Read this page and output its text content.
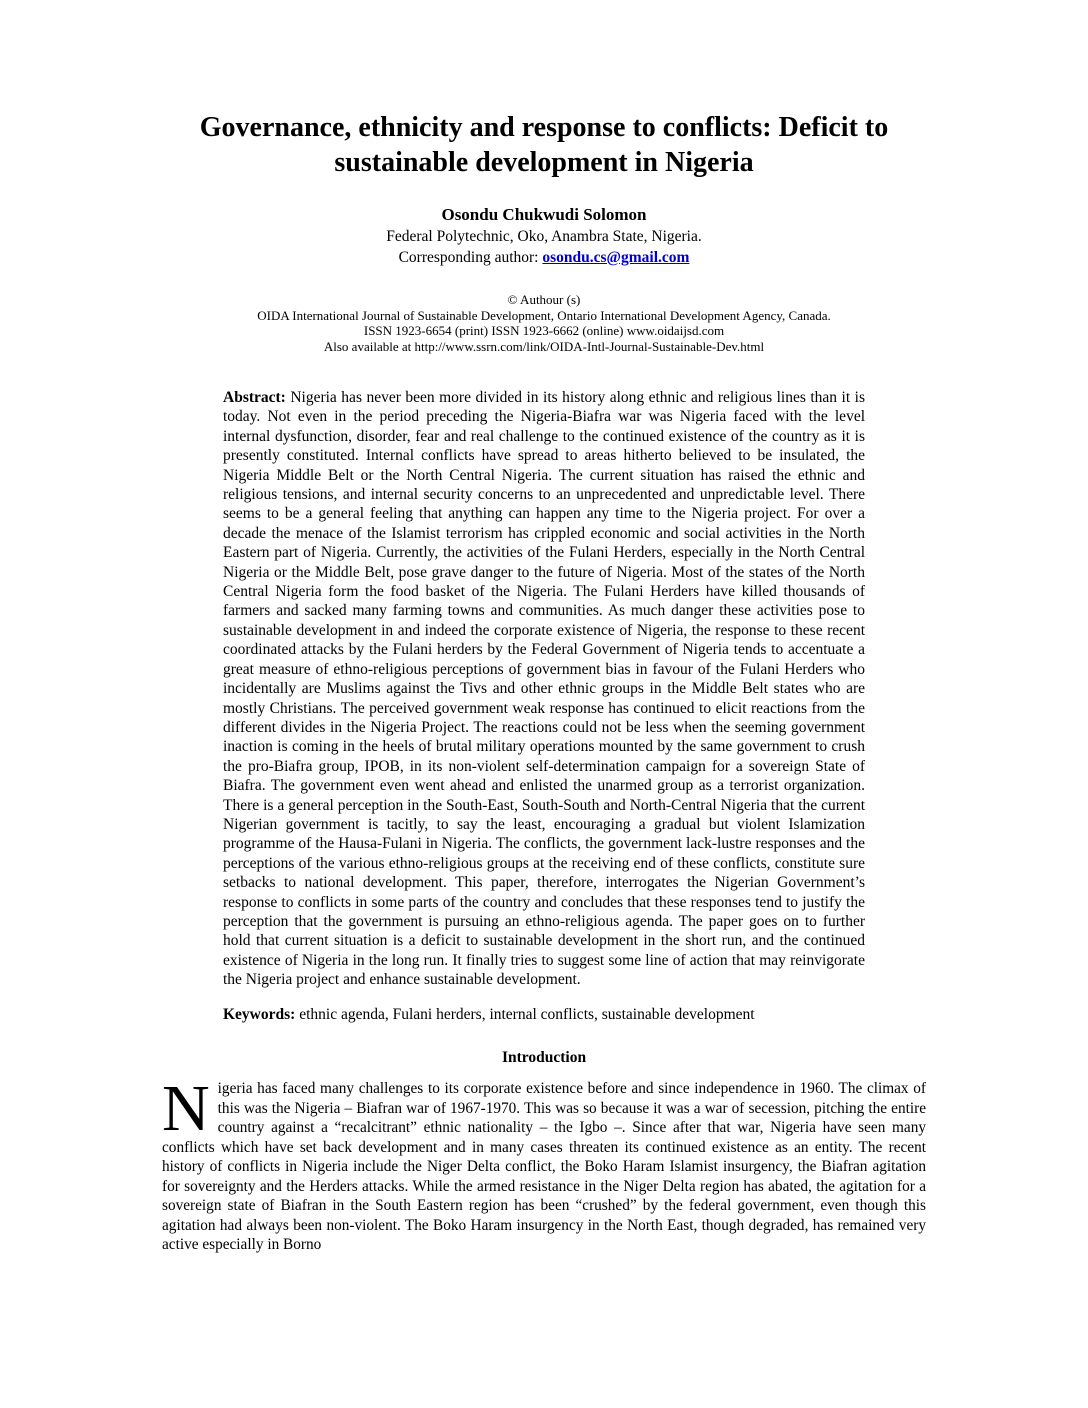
Governance, ethnicity and response to conflicts: Deficit to sustainable development in Nigeria
Osondu Chukwudi Solomon
Federal Polytechnic, Oko, Anambra State, Nigeria.
Corresponding author: osondu.cs@gmail.com
© Authour (s)
OIDA International Journal of Sustainable Development, Ontario International Development Agency, Canada.
ISSN 1923-6654 (print) ISSN 1923-6662 (online) www.oidaijsd.com
Also available at http://www.ssrn.com/link/OIDA-Intl-Journal-Sustainable-Dev.html

Abstract: Nigeria has never been more divided in its history along ethnic and religious lines than it is today. Not even in the period preceding the Nigeria-Biafra war was Nigeria faced with the level internal dysfunction, disorder, fear and real challenge to the continued existence of the country as it is presently constituted. Internal conflicts have spread to areas hitherto believed to be insulated, the Nigeria Middle Belt or the North Central Nigeria. The current situation has raised the ethnic and religious tensions, and internal security concerns to an unprecedented and unpredictable level. There seems to be a general feeling that anything can happen any time to the Nigeria project. For over a decade the menace of the Islamist terrorism has crippled economic and social activities in the North Eastern part of Nigeria. Currently, the activities of the Fulani Herders, especially in the North Central Nigeria or the Middle Belt, pose grave danger to the future of Nigeria. Most of the states of the North Central Nigeria form the food basket of the Nigeria. The Fulani Herders have killed thousands of farmers and sacked many farming towns and communities. As much danger these activities pose to sustainable development in and indeed the corporate existence of Nigeria, the response to these recent coordinated attacks by the Fulani herders by the Federal Government of Nigeria tends to accentuate a great measure of ethno-religious perceptions of government bias in favour of the Fulani Herders who incidentally are Muslims against the Tivs and other ethnic groups in the Middle Belt states who are mostly Christians. The perceived government weak response has continued to elicit reactions from the different divides in the Nigeria Project. The reactions could not be less when the seeming government inaction is coming in the heels of brutal military operations mounted by the same government to crush the pro-Biafra group, IPOB, in its non-violent self-determination campaign for a sovereign State of Biafra. The government even went ahead and enlisted the unarmed group as a terrorist organization. There is a general perception in the South-East, South-South and North-Central Nigeria that the current Nigerian government is tacitly, to say the least, encouraging a gradual but violent Islamization programme of the Hausa-Fulani in Nigeria. The conflicts, the government lack-lustre responses and the perceptions of the various ethno-religious groups at the receiving end of these conflicts, constitute sure setbacks to national development. This paper, therefore, interrogates the Nigerian Government’s response to conflicts in some parts of the country and concludes that these responses tend to justify the perception that the government is pursuing an ethno-religious agenda. The paper goes on to further hold that current situation is a deficit to sustainable development in the short run, and the continued existence of Nigeria in the long run. It finally tries to suggest some line of action that may reinvigorate the Nigeria project and enhance sustainable development.

Keywords: ethnic agenda, Fulani herders, internal conflicts, sustainable development

Introduction

Nigeria has faced many challenges to its corporate existence before and since independence in 1960. The climax of this was the Nigeria – Biafran war of 1967-1970. This was so because it was a war of secession, pitching the entire country against a “recalcitrant” ethnic nationality – the Igbo –. Since after that war, Nigeria have seen many conflicts which have set back development and in many cases threaten its continued existence as an entity. The recent history of conflicts in Nigeria include the Niger Delta conflict, the Boko Haram Islamist insurgency, the Biafran agitation for sovereignty and the Herders attacks. While the armed resistance in the Niger Delta region has abated, the agitation for a sovereign state of Biafran in the South Eastern region has been “crushed” by the federal government, even though this agitation had always been non-violent. The Boko Haram insurgency in the North East, though degraded, has remained very active especially in Borno
